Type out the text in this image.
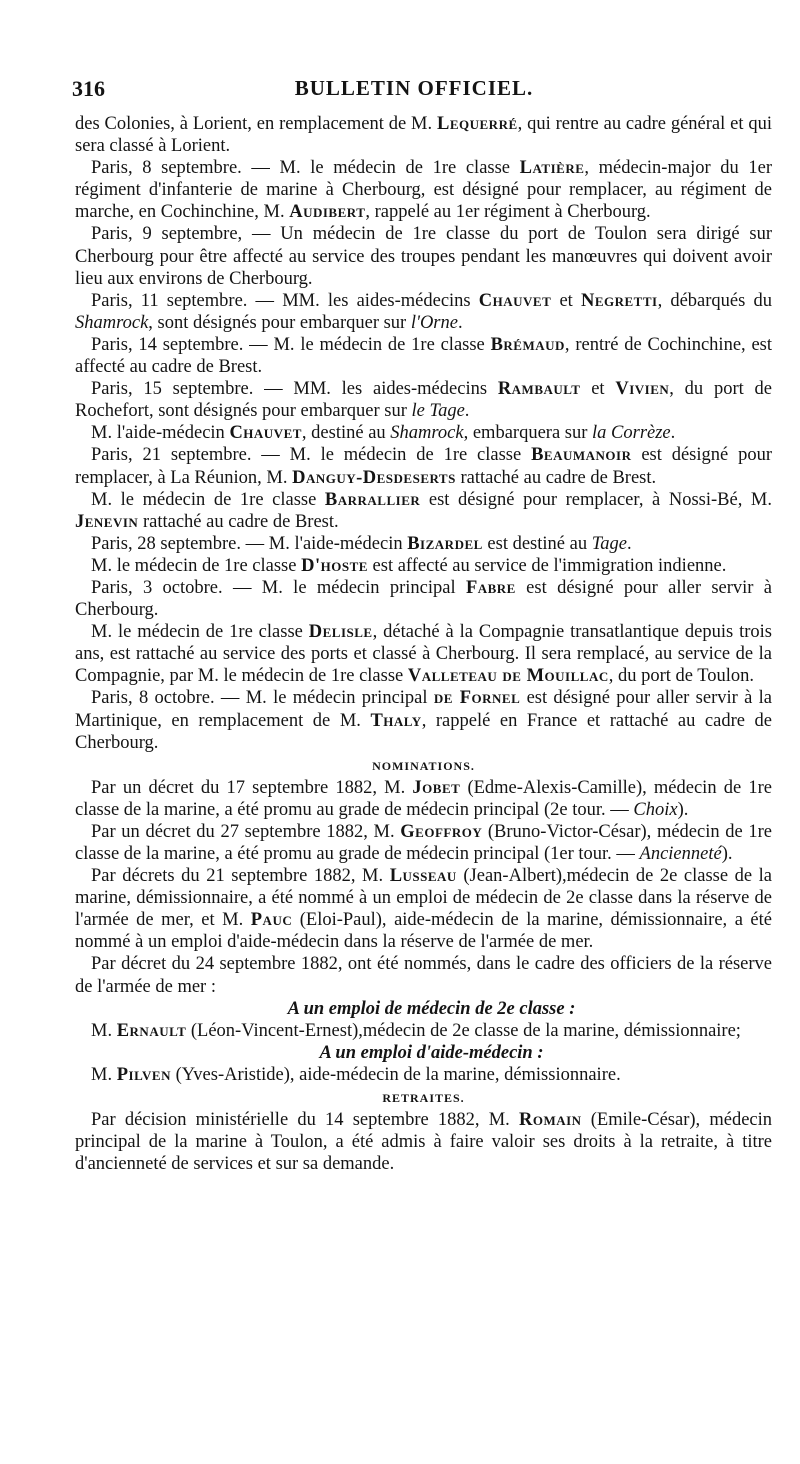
316	BULLETIN OFFICIEL.

des Colonies, à Lorient, en remplacement de M. Lequerré, qui rentre au cadre général et qui sera classé à Lorient.

Paris, 8 septembre. — M. le médecin de 1re classe Latière, médecin-major du 1er régiment d'infanterie de marine à Cherbourg, est désigné pour remplacer, au régiment de marche, en Cochinchine, M. Audibert, rappelé au 1er régiment à Cherbourg.

Paris, 9 septembre, — Un médecin de 1re classe du port de Toulon sera dirigé sur Cherbourg pour être affecté au service des troupes pendant les manœuvres qui doivent avoir lieu aux environs de Cherbourg.

Paris, 11 septembre. — MM. les aides-médecins Chauvet et Negretti, débarqués du Shamrock, sont désignés pour embarquer sur l'Orne.

Paris, 14 septembre. — M. le médecin de 1re classe Brémaud, rentré de Cochinchine, est affecté au cadre de Brest.

Paris, 15 septembre. — MM. les aides-médecins Rambault et Vivien, du port de Rochefort, sont désignés pour embarquer sur le Tage.

M. l'aide-médecin Chauvet, destiné au Shamrock, embarquera sur la Corrèze.

Paris, 21 septembre. — M. le médecin de 1re classe Beaumanoir est désigné pour remplacer, à La Réunion, M. Danguy-Desdeserts rattaché au cadre de Brest.

M. le médecin de 1re classe Barrallier est désigné pour remplacer, à Nossi-Bé, M. Jenevin rattaché au cadre de Brest.

Paris, 28 septembre. — M. l'aide-médecin Bizardel est destiné au Tage.

M. le médecin de 1re classe D'hoste est affecté au service de l'immigration indienne.

Paris, 3 octobre. — M. le médecin principal Fabre est désigné pour aller servir à Cherbourg.

M. le médecin de 1re classe Delisle, détaché à la Compagnie transatlantique depuis trois ans, est rattaché au service des ports et classé à Cherbourg. Il sera remplacé, au service de la Compagnie, par M. le médecin de 1re classe Valleteau de Mouillac, du port de Toulon.

Paris, 8 octobre. — M. le médecin principal de Fornel est désigné pour aller servir à la Martinique, en remplacement de M. Thaly, rappelé en France et rattaché au cadre de Cherbourg.

NOMINATIONS.

Par un décret du 17 septembre 1882, M. Jobet (Edme-Alexis-Camille), médecin de 1re classe de la marine, a été promu au grade de médecin principal (2e tour. — Choix).

Par un décret du 27 septembre 1882, M. Geoffroy (Bruno-Victor-César), médecin de 1re classe de la marine, a été promu au grade de médecin principal (1er tour. — Ancienneté).

Par décrets du 21 septembre 1882, M. Lusseau (Jean-Albert),médecin de 2e classe de la marine, démissionnaire, a été nommé à un emploi de médecin de 2e classe dans la réserve de l'armée de mer, et M. Pauc (Eloi-Paul), aide-médecin de la marine, démissionnaire, a été nommé à un emploi d'aide-médecin dans la réserve de l'armée de mer.

Par décret du 24 septembre 1882, ont été nommés, dans le cadre des officiers de la réserve de l'armée de mer :

A un emploi de médecin de 2e classe :

M. Ernault (Léon-Vincent-Ernest),médecin de 2e classe de la marine, démissionnaire;

A un emploi d'aide-médecin :

M. Pilven (Yves-Aristide), aide-médecin de la marine, démissionnaire.

RETRAITES.

Par décision ministérielle du 14 septembre 1882, M. Romain (Emile-César), médecin principal de la marine à Toulon, a été admis à faire valoir ses droits à la retraite, à titre d'ancienneté de services et sur sa demande.
